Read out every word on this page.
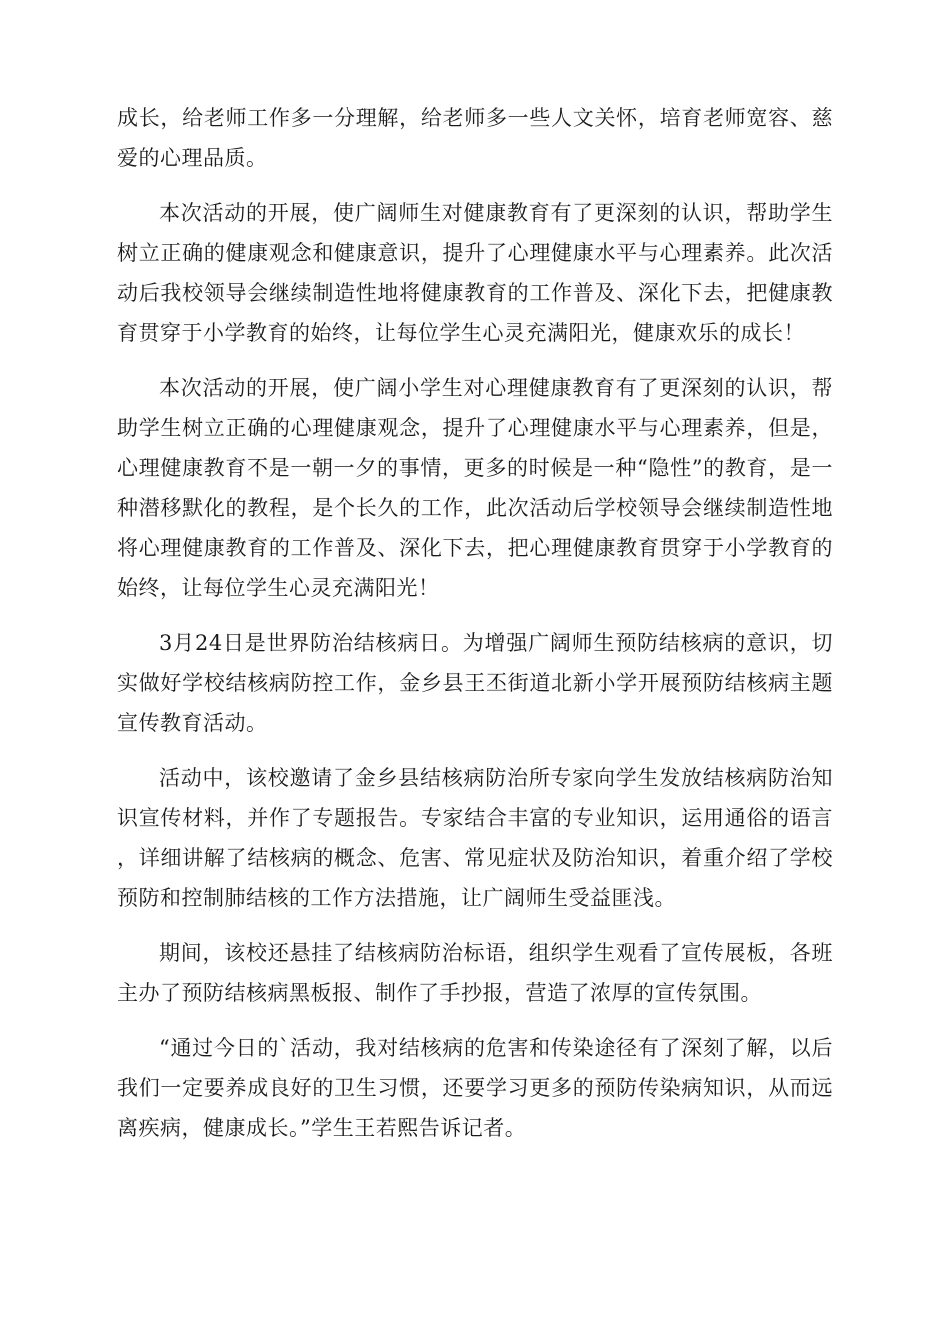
成长，给老师工作多一分理解，给老师多一些人文关怀，培育老师宽容、慈爱的心理品质。

本次活动的开展，使广阔师生对健康教育有了更深刻的认识，帮助学生树立正确的健康观念和健康意识，提升了心理健康水平与心理素养。此次活动后我校领导会继续制造性地将健康教育的工作普及、深化下去，把健康教育贯穿于小学教育的始终，让每位学生心灵充满阳光，健康欢乐的成长！

本次活动的开展，使广阔小学生对心理健康教育有了更深刻的认识，帮助学生树立正确的心理健康观念，提升了心理健康水平与心理素养，但是，心理健康教育不是一朝一夕的事情，更多的时候是一种“隐性”的教育，是一种潜移默化的教程，是个长久的工作，此次活动后学校领导会继续制造性地将心理健康教育的工作普及、深化下去，把心理健康教育贯穿于小学教育的始终，让每位学生心灵充满阳光！

3月24日是世界防治结核病日。为增强广阔师生预防结核病的意识，切实做好学校结核病防控工作，金乡县王丕街道北新小学开展预防结核病主题宣传教育活动。

活动中，该校邀请了金乡县结核病防治所专家向学生发放结核病防治知识宣传材料，并作了专题报告。专家结合丰富的专业知识，运用通俗的语言，详细讲解了结核病的概念、危害、常见症状及防治知识，着重介绍了学校预防和控制肺结核的工作方法措施，让广阔师生受益匪浅。

期间，该校还悬挂了结核病防治标语，组织学生观看了宣传展板，各班主办了预防结核病黑板报、制作了手抄报，营造了浓厚的宣传氛围。

“通过今日的`活动，我对结核病的危害和传染途径有了深刻了解，以后我们一定要养成良好的卫生习惯，还要学习更多的预防传染病知识，从而远离疾病，健康成长。”学生王若熙告诉记者。
